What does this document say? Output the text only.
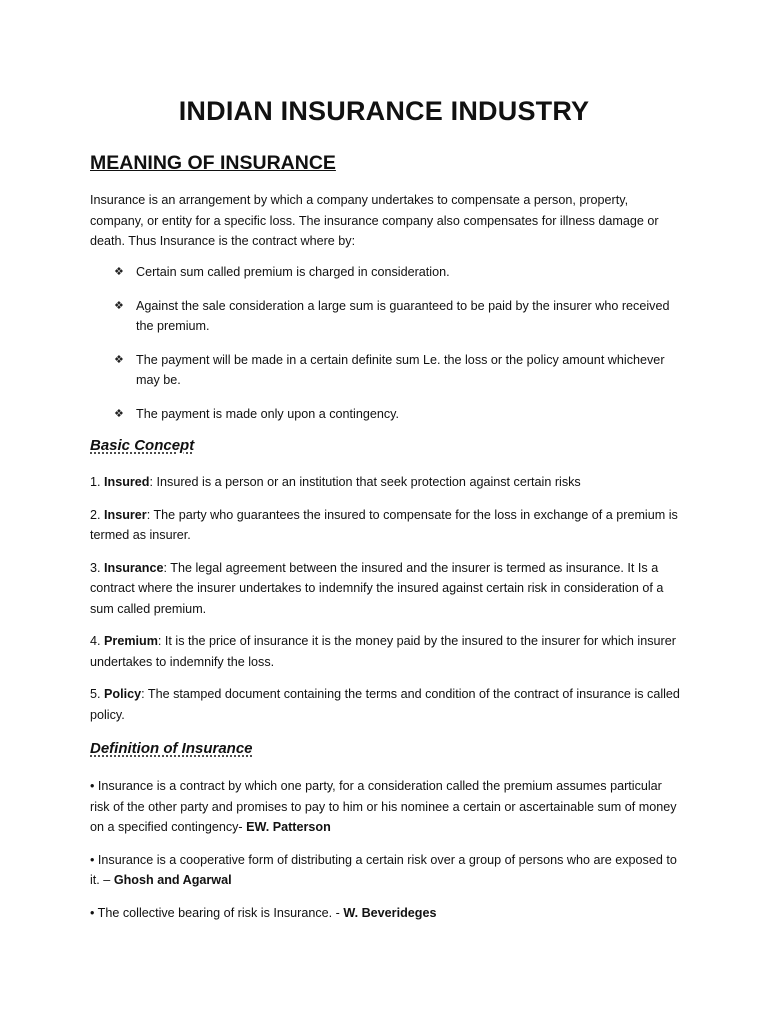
INDIAN INSURANCE INDUSTRY
MEANING OF INSURANCE

Insurance is an arrangement by which a company undertakes to compensate a person, property, company, or entity for a specific loss. The insurance company also compensates for illness damage or death. Thus Insurance is the contract where by:

❖ Certain sum called premium is charged in consideration.
❖ Against the sale consideration a large sum is guaranteed to be paid by the insurer who received the premium.
❖ The payment will be made in a certain definite sum Le. the loss or the policy amount whichever may be.
❖ The payment is made only upon a contingency.
Basic Concept

1. Insured: Insured is a person or an institution that seek protection against certain risks

2. Insurer: The party who guarantees the insured to compensate for the loss in exchange of a premium is termed as insurer.

3. Insurance: The legal agreement between the insured and the insurer is termed as insurance. It Is a contract where the insurer undertakes to indemnify the insured against certain risk in consideration of a sum called premium.

4. Premium: It is the price of insurance it is the money paid by the insured to the insurer for which insurer undertakes to indemnify the loss.

5. Policy: The stamped document containing the terms and condition of the contract of insurance is called policy.

Definition of Insurance

• Insurance is a contract by which one party, for a consideration called the premium assumes particular risk of the other party and promises to pay to him or his nominee a certain or ascertainable sum of money on a specified contingency- EW. Patterson

• Insurance is a cooperative form of distributing a certain risk over a group of persons who are exposed to it. – Ghosh and Agarwal

• The collective bearing of risk is Insurance. - W. Beverideges
